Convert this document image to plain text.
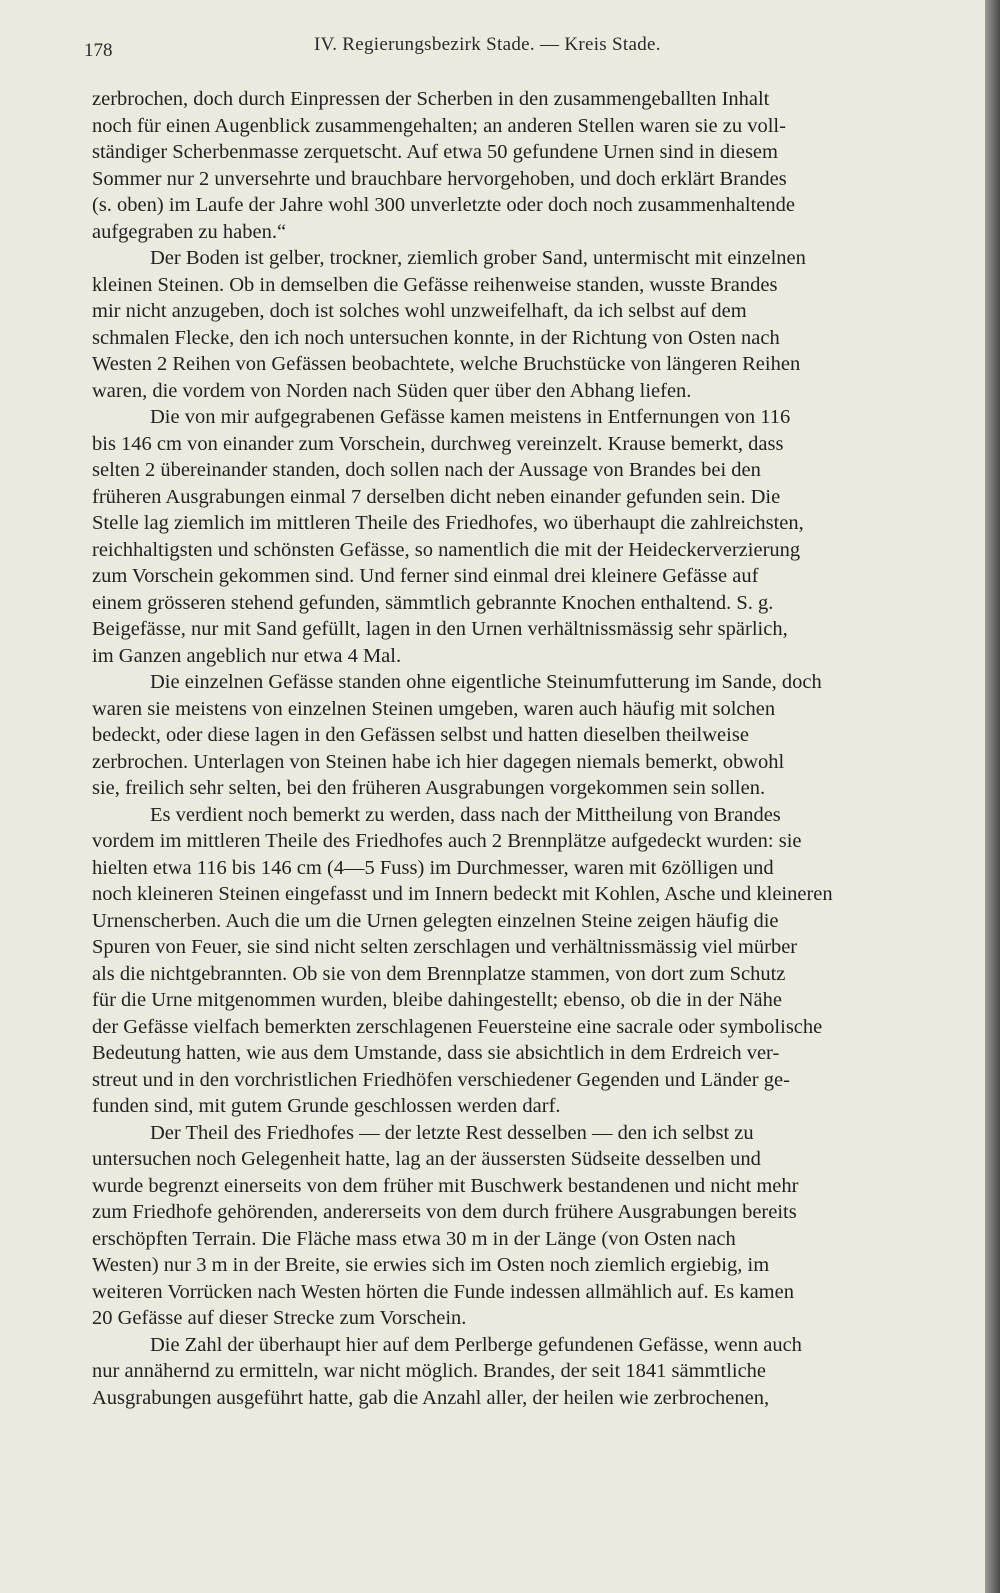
178	IV. Regierungsbezirk Stade. — Kreis Stade.
zerbrochen, doch durch Einpressen der Scherben in den zusammengeballten Inhalt
noch für einen Augenblick zusammengehalten; an anderen Stellen waren sie zu voll-
ständiger Scherbenmasse zerquetscht. Auf etwa 50 gefundene Urnen sind in diesem
Sommer nur 2 unversehrte und brauchbare hervorgehoben, und doch erklärt Brandes
(s. oben) im Laufe der Jahre wohl 300 unverletzte oder doch noch zusammenhaltende
aufgegraben zu haben.“
Der Boden ist gelber, trockner, ziemlich grober Sand, untermischt mit einzelnen
kleinen Steinen. Ob in demselben die Gefässe reihenweise standen, wusste Brandes
mir nicht anzugeben, doch ist solches wohl unzweifelhaft, da ich selbst auf dem
schmalen Flecke, den ich noch untersuchen konnte, in der Richtung von Osten nach
Westen 2 Reihen von Gefässen beobachtete, welche Bruchstücke von längeren Reihen
waren, die vordem von Norden nach Süden quer über den Abhang liefen.
Die von mir aufgegrabenen Gefässe kamen meistens in Entfernungen von 116
bis 146 cm von einander zum Vorschein, durchweg vereinzelt. Krause bemerkt, dass
selten 2 übereinander standen, doch sollen nach der Aussage von Brandes bei den
früheren Ausgrabungen einmal 7 derselben dicht neben einander gefunden sein. Die
Stelle lag ziemlich im mittleren Theile des Friedhofes, wo überhaupt die zahlreichsten,
reichhaltigsten und schönsten Gefässe, so namentlich die mit der Heideckerverzierung
zum Vorschein gekommen sind. Und ferner sind einmal drei kleinere Gefässe auf
einem grösseren stehend gefunden, sämmtlich gebrannte Knochen enthaltend. S. g.
Beigefässe, nur mit Sand gefüllt, lagen in den Urnen verhältnissmässig sehr spärlich,
im Ganzen angeblich nur etwa 4 Mal.
Die einzelnen Gefässe standen ohne eigentliche Steinumfutterung im Sande, doch
waren sie meistens von einzelnen Steinen umgeben, waren auch häufig mit solchen
bedeckt, oder diese lagen in den Gefässen selbst und hatten dieselben theilweise
zerbrochen. Unterlagen von Steinen habe ich hier dagegen niemals bemerkt, obwohl
sie, freilich sehr selten, bei den früheren Ausgrabungen vorgekommen sein sollen.
Es verdient noch bemerkt zu werden, dass nach der Mittheilung von Brandes
vordem im mittleren Theile des Friedhofes auch 2 Brennplätze aufgedeckt wurden: sie
hielten etwa 116 bis 146 cm (4—5 Fuss) im Durchmesser, waren mit 6zölligen und
noch kleineren Steinen eingefasst und im Innern bedeckt mit Kohlen, Asche und kleineren
Urnenscherben. Auch die um die Urnen gelegten einzelnen Steine zeigen häufig die
Spuren von Feuer, sie sind nicht selten zerschlagen und verhältnissmässig viel mürber
als die nichtgebrannten. Ob sie von dem Brennplatze stammen, von dort zum Schutz
für die Urne mitgenommen wurden, bleibe dahingestellt; ebenso, ob die in der Nähe
der Gefässe vielfach bemerkten zerschlagenen Feuersteine eine sacrale oder symbolische
Bedeutung hatten, wie aus dem Umstande, dass sie absichtlich in dem Erdreich ver-
streut und in den vorchristlichen Friedhöfen verschiedener Gegenden und Länder ge-
funden sind, mit gutem Grunde geschlossen werden darf.
Der Theil des Friedhofes — der letzte Rest desselben — den ich selbst zu
untersuchen noch Gelegenheit hatte, lag an der äussersten Südseite desselben und
wurde begrenzt einerseits von dem früher mit Buschwerk bestandenen und nicht mehr
zum Friedhofe gehörenden, andererseits von dem durch frühere Ausgrabungen bereits
erschöpften Terrain. Die Fläche mass etwa 30 m in der Länge (von Osten nach
Westen) nur 3 m in der Breite, sie erwies sich im Osten noch ziemlich ergiebig, im
weiteren Vorrücken nach Westen hörten die Funde indessen allmählich auf. Es kamen
20 Gefässe auf dieser Strecke zum Vorschein.
Die Zahl der überhaupt hier auf dem Perlberge gefundenen Gefässe, wenn auch
nur annähernd zu ermitteln, war nicht möglich. Brandes, der seit 1841 sämmtliche
Ausgrabungen ausgeführt hatte, gab die Anzahl aller, der heilen wie zerbrochenen,
